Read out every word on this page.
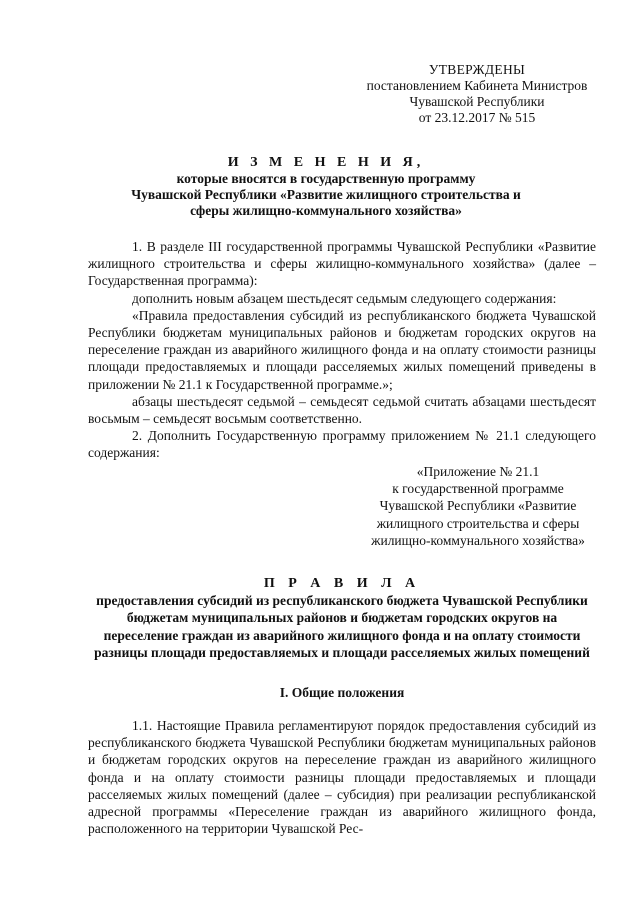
УТВЕРЖДЕНЫ
постановлением Кабинета Министров
Чувашской Республики
от 23.12.2017 № 515
И З М Е Н Е Н И Я,
которые вносятся в государственную программу
Чувашской Республики «Развитие жилищного строительства и
сферы жилищно-коммунального хозяйства»

1. В разделе III государственной программы Чувашской Республики «Развитие жилищного строительства и сферы жилищно-коммунального хозяйства» (далее – Государственная программа):

дополнить новым абзацем шестьдесят седьмым следующего содержания:

«Правила предоставления субсидий из республиканского бюджета Чувашской Республики бюджетам муниципальных районов и бюджетам городских округов на переселение граждан из аварийного жилищного фонда и на оплату стоимости разницы площади предоставляемых и площади расселяемых жилых помещений приведены в приложении № 21.1 к Государственной программе.»;

абзацы шестьдесят седьмой – семьдесят седьмой считать абзацами шестьдесят восьмым – семьдесят восьмым соответственно.

2. Дополнить Государственную программу приложением № 21.1 следующего содержания:

«Приложение № 21.1
к государственной программе Чувашской Республики «Развитие жилищного строительства и сферы жилищно-коммунального хозяйства»
П Р А В И Л А
предоставления субсидий из республиканского бюджета Чувашской Республики бюджетам муниципальных районов и бюджетам городских округов на переселение граждан из аварийного жилищного фонда и на оплату стоимости разницы площади предоставляемых и площади расселяемых жилых помещений
I. Общие положения

1.1. Настоящие Правила регламентируют порядок предоставления субсидий из республиканского бюджета Чувашской Республики бюджетам муниципальных районов и бюджетам городских округов на переселение граждан из аварийного жилищного фонда и на оплату стоимости разницы площади предоставляемых и площади расселяемых жилых помещений (далее – субсидия) при реализации республиканской адресной программы «Переселение граждан из аварийного жилищного фонда, расположенного на территории Чувашской Рес-
